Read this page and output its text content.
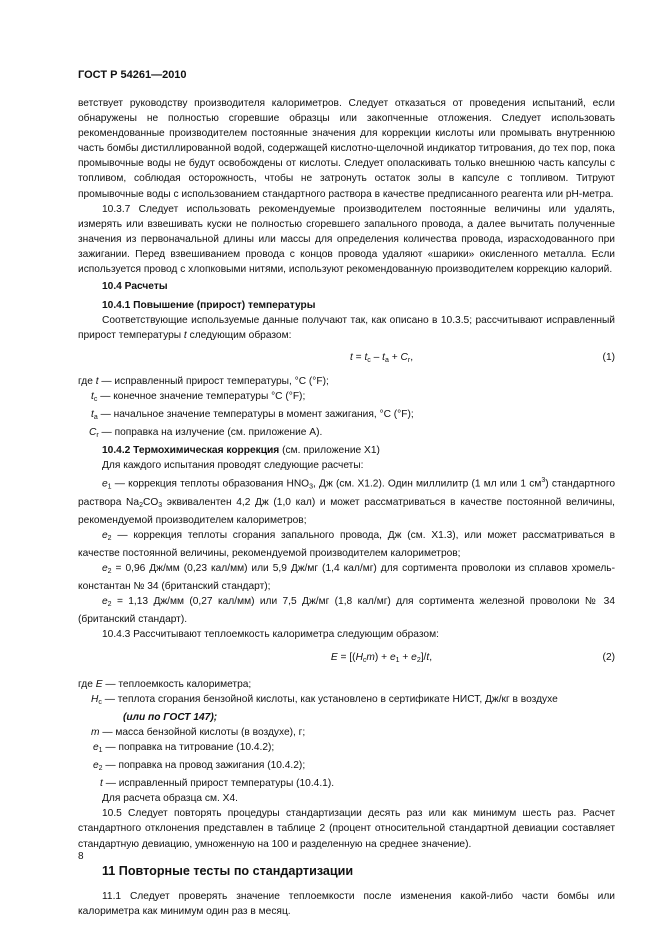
ГОСТ Р 54261—2010

ветствует руководству производителя калориметров. Следует отказаться от проведения испытаний, если обнаружены не полностью сгоревшие образцы или закопченные отложения. Следует использовать рекомендованные производителем постоянные значения для коррекции кислоты или промывать внутреннюю часть бомбы дистиллированной водой, содержащей кислотно-щелочной индикатор титрования, до тех пор, пока промывочные воды не будут освобождены от кислоты. Следует ополаскивать только внешнюю часть капсулы с топливом, соблюдая осторожность, чтобы не затронуть остаток золы в капсуле с топливом. Титруют промывочные воды с использованием стандартного раствора в качестве предписанного реагента или pH-метра.

10.3.7 Следует использовать рекомендуемые производителем постоянные величины или удалять, измерять или взвешивать куски не полностью сгоревшего запального провода, а далее вычитать полученные значения из первоначальной длины или массы для определения количества провода, израсходованного при зажигании. Перед взвешиванием провода с концов провода удаляют «шарики» окисленного металла. Если используется провод с хлопковыми нитями, используют рекомендованную производителем коррекцию калорий.

10.4 Расчеты

10.4.1 Повышение (прирост) температуры

Соответствующие используемые данные получают так, как описано в 10.3.5; рассчитывают исправленный прирост температуры t следующим образом:

$t = t_c - t_a + C_r$,	(1)

где t — исправленный прирост температуры, °C (°F);

$t_c$ — конечное значение температуры °C (°F);

$t_a$ — начальное значение температуры в момент зажигания, °C (°F);

$C_r$ — поправка на излучение (см. приложение А).

10.4.2 Термохимическая коррекция (см. приложение X1)

Для каждого испытания проводят следующие расчеты:

$e_1$ — коррекция теплоты образования $HNO_3$, Дж (см. X1.2). Один миллилитр (1 мл или 1 $см^3$) стандартного раствора $Na_2CO_3$ эквивалентен 4,2 Дж (1,0 кал) и может рассматриваться в качестве постоянной величины, рекомендуемой производителем калориметров;

$e_2$ — коррекция теплоты сгорания запального провода, Дж (см. X1.3), или может рассматриваться в качестве постоянной величины, рекомендуемой производителем калориметров;

$e_2 = 0,96$ Дж/мм (0,23 кал/мм) или 5,9 Дж/мг (1,4 кал/мг) для сортимента проволоки из сплавов хромель-константан № 34 (британский стандарт);

$e_2 = 1,13$ Дж/мм (0,27 кал/мм) или 7,5 Дж/мг (1,8 кал/мг) для сортимента железной проволоки № 34 (британский стандарт).

10.4.3 Рассчитывают теплоемкость калориметра следующим образом:

$E = [(H_cm) + e_1 + e_2]/t$,	(2)

где E — теплоемкость калориметра;

$H_c$ — теплота сгорания бензойной кислоты, как установлено в сертификате НИСТ, Дж/кг в воздухе
(или по ГОСТ 147);

m — масса бензойной кислоты (в воздухе), г;

$e_1$ — поправка на титрование (10.4.2);

$e_2$ — поправка на провод зажигания (10.4.2);

t — исправленный прирост температуры (10.4.1).

Для расчета образца см. X4.

10.5 Следует повторять процедуры стандартизации десять раз или как минимум шесть раз. Расчет стандартного отклонения представлен в таблице 2 (процент относительной стандартной девиации составляет стандартную девиацию, умноженную на 100 и разделенную на среднее значение).

11 Повторные тесты по стандартизации

11.1 Следует проверять значение теплоемкости после изменения какой-либо части бомбы или калориметра как минимум один раз в месяц.

8
